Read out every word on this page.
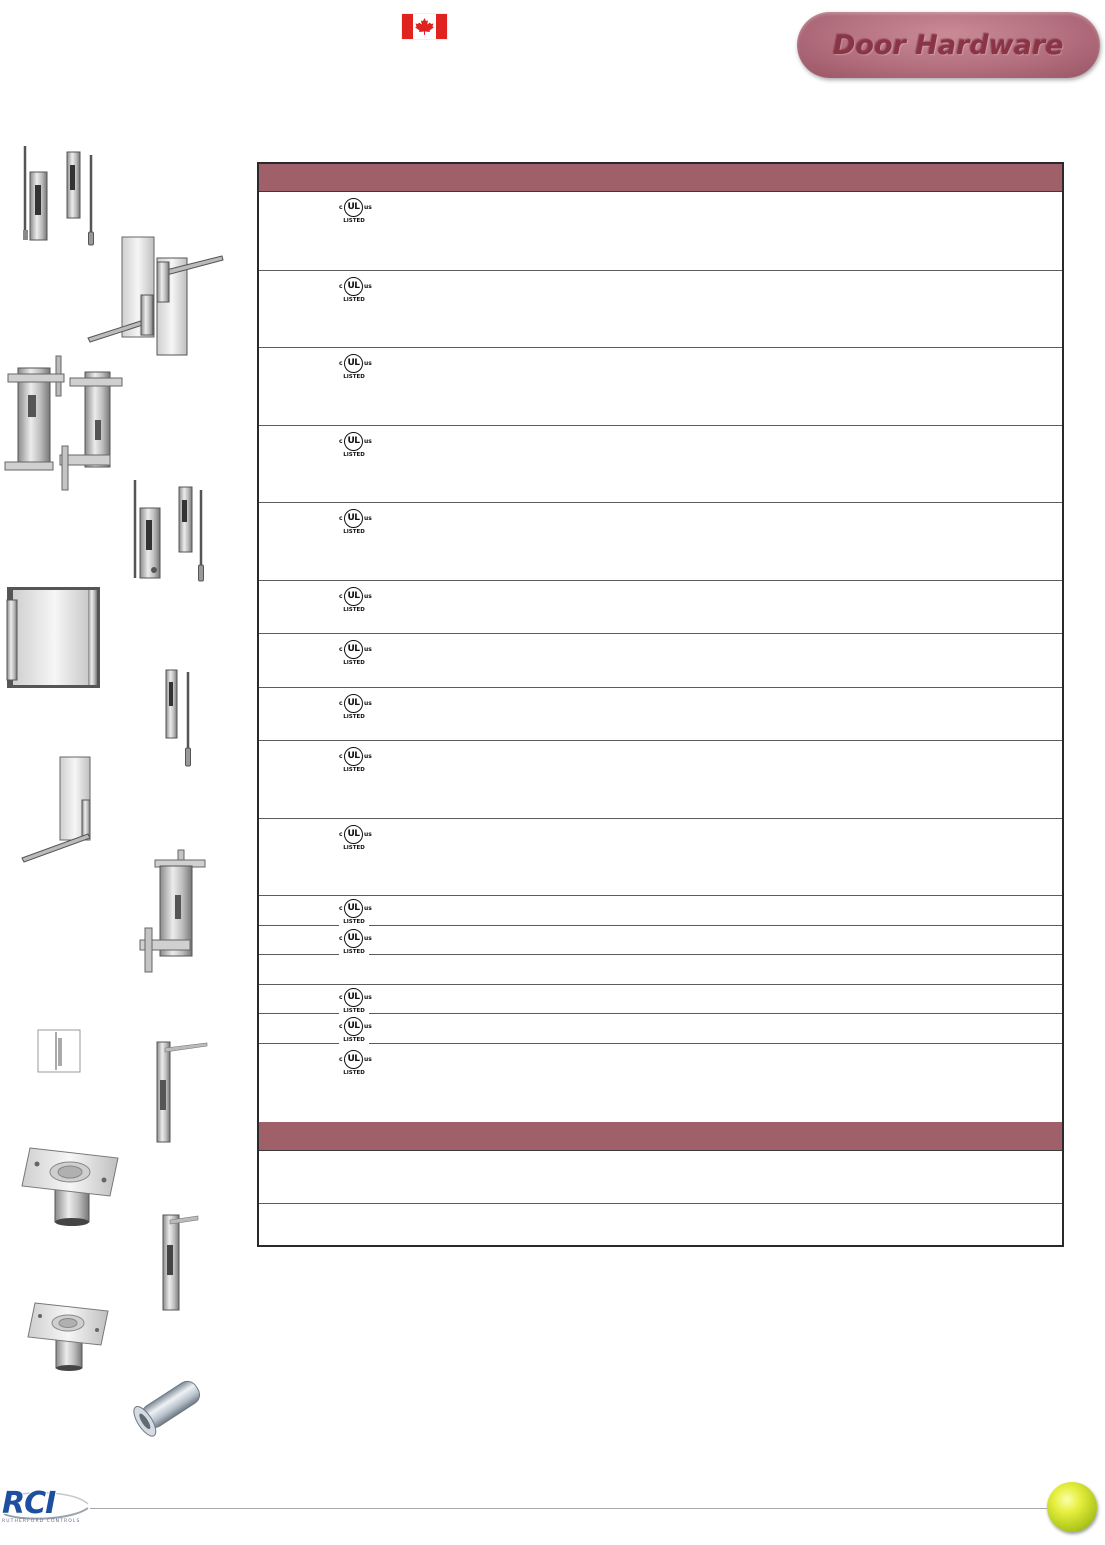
Door Hardware
c UL us
LISTED
c UL us
LISTED
c UL us
LISTED
c UL us
LISTED
c UL us
LISTED
c UL us
LISTED
c UL us
LISTED
c UL us
LISTED
c UL us
LISTED
c UL us
LISTED
c UL us
LISTED
c UL us
LISTED
c UL us
LISTED
c UL us
LISTED
c UL us
LISTED
RCI
RUTHERFORD CONTROLS
